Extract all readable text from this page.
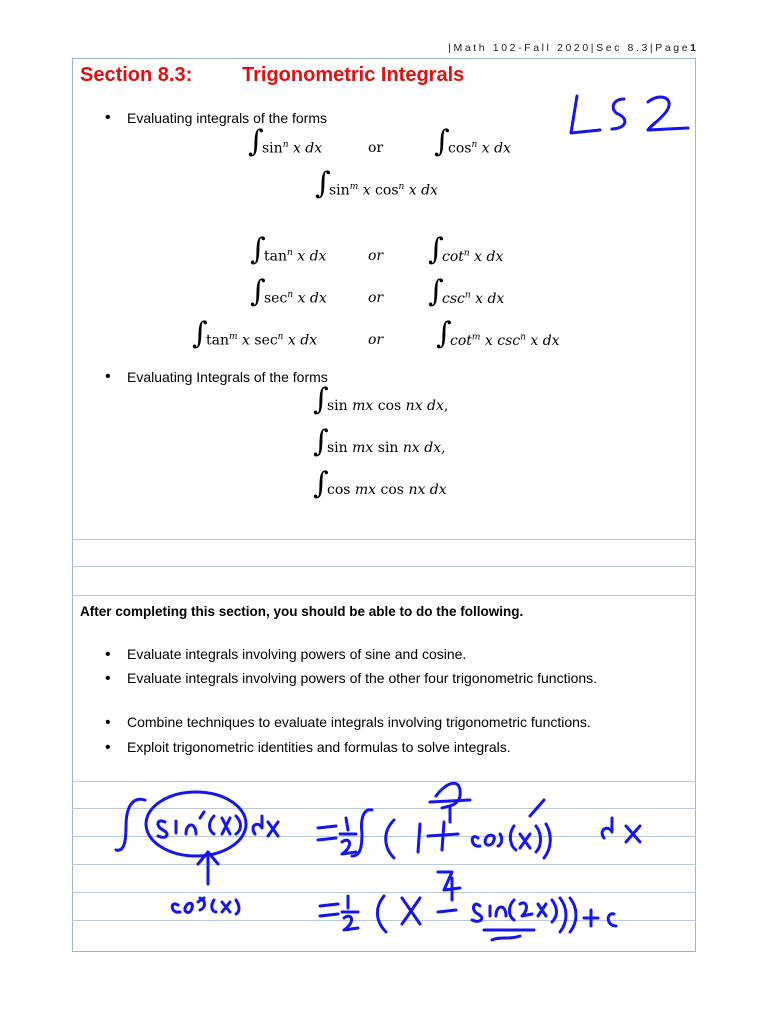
|Math 102-Fall 2020|Sec 8.3|Page1
Section 8.3: Trigonometric Integrals
• Evaluating integrals of the forms
∫
$\sin^n x$ dx	or ∫
$\cos^n x$ dx
∫
$\sin^m x$ $\cos^n x$ dx
∫
$\tan^n x$ dx	or ∫
$\cot^n x$ dx
∫
$\sec^n x$ dx	or ∫
$\csc^n x$ dx
∫
$\tan^m x$ $\sec^n x$ dx	or ∫
$\cot^m x$ $\csc^n x$ dx
• Evaluating Integrals of the forms
∫
sin mx cos nx dx,
∫
sin mx sin nx dx,
∫
cos mx cos nx dx
After completing this section, you should be able to do the following.
• Evaluate integrals involving powers of sine and cosine.
• Evaluate integrals involving powers of the other four trigonometric functions.
• Combine techniques to evaluate integrals involving trigonometric functions.
• Exploit trigonometric identities and formulas to solve integrals.
